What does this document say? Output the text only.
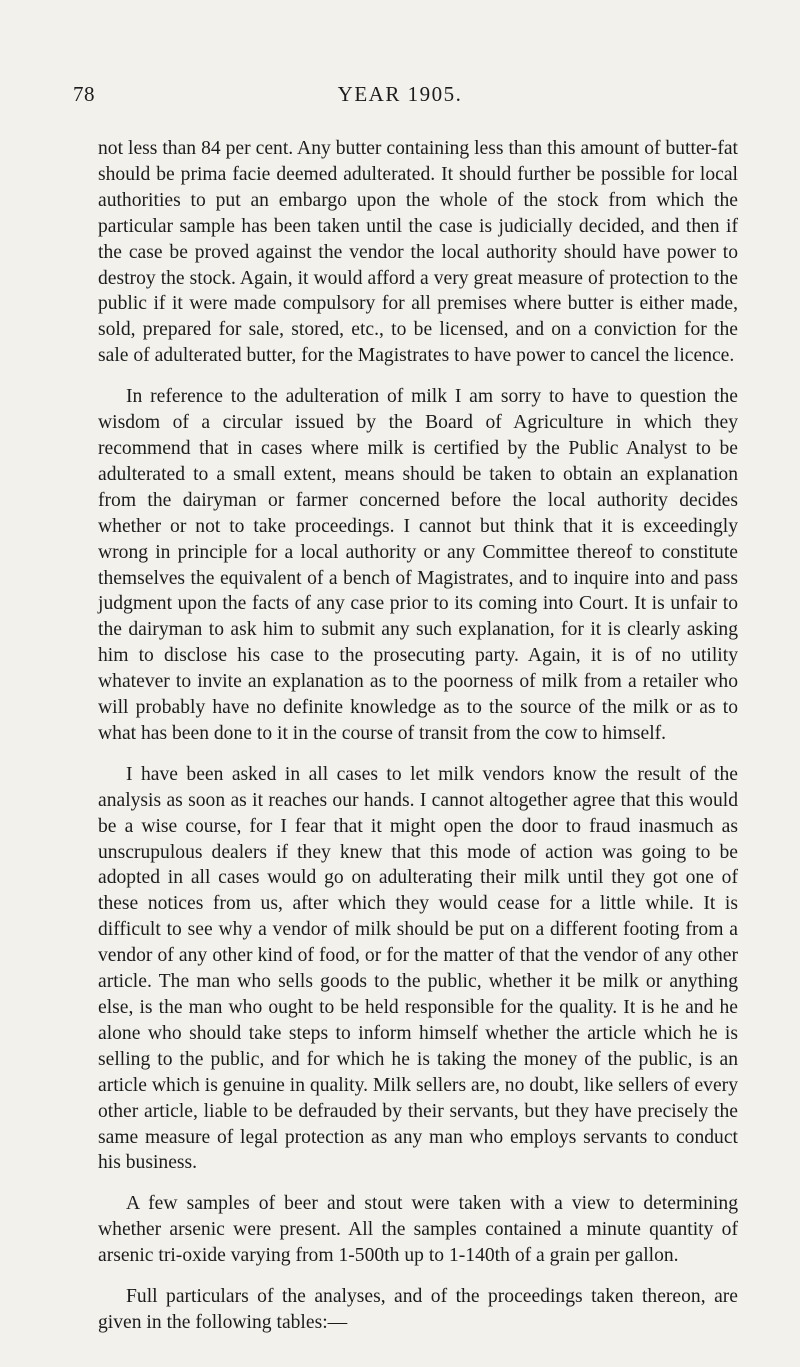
78	YEAR 1905.

not less than 84 per cent. Any butter containing less than this amount of butter-fat should be prima facie deemed adulterated. It should further be possible for local authorities to put an embargo upon the whole of the stock from which the particular sample has been taken until the case is judicially decided, and then if the case be proved against the vendor the local authority should have power to destroy the stock. Again, it would afford a very great measure of protection to the public if it were made compulsory for all premises where butter is either made, sold, prepared for sale, stored, etc., to be licensed, and on a conviction for the sale of adulterated butter, for the Magistrates to have power to cancel the licence.

In reference to the adulteration of milk I am sorry to have to question the wisdom of a circular issued by the Board of Agriculture in which they recommend that in cases where milk is certified by the Public Analyst to be adulterated to a small extent, means should be taken to obtain an explanation from the dairyman or farmer concerned before the local authority decides whether or not to take proceedings. I cannot but think that it is exceedingly wrong in principle for a local authority or any Committee thereof to constitute themselves the equivalent of a bench of Magistrates, and to inquire into and pass judgment upon the facts of any case prior to its coming into Court. It is unfair to the dairyman to ask him to submit any such explanation, for it is clearly asking him to disclose his case to the prosecuting party. Again, it is of no utility whatever to invite an explanation as to the poorness of milk from a retailer who will probably have no definite knowledge as to the source of the milk or as to what has been done to it in the course of transit from the cow to himself.

I have been asked in all cases to let milk vendors know the result of the analysis as soon as it reaches our hands. I cannot altogether agree that this would be a wise course, for I fear that it might open the door to fraud inasmuch as unscrupulous dealers if they knew that this mode of action was going to be adopted in all cases would go on adulterating their milk until they got one of these notices from us, after which they would cease for a little while. It is difficult to see why a vendor of milk should be put on a different footing from a vendor of any other kind of food, or for the matter of that the vendor of any other article. The man who sells goods to the public, whether it be milk or anything else, is the man who ought to be held responsible for the quality. It is he and he alone who should take steps to inform himself whether the article which he is selling to the public, and for which he is taking the money of the public, is an article which is genuine in quality. Milk sellers are, no doubt, like sellers of every other article, liable to be defrauded by their servants, but they have precisely the same measure of legal protection as any man who employs servants to conduct his business.

A few samples of beer and stout were taken with a view to determining whether arsenic were present. All the samples contained a minute quantity of arsenic tri-oxide varying from 1-500th up to 1-140th of a grain per gallon.

Full particulars of the analyses, and of the proceedings taken thereon, are given in the following tables:—
